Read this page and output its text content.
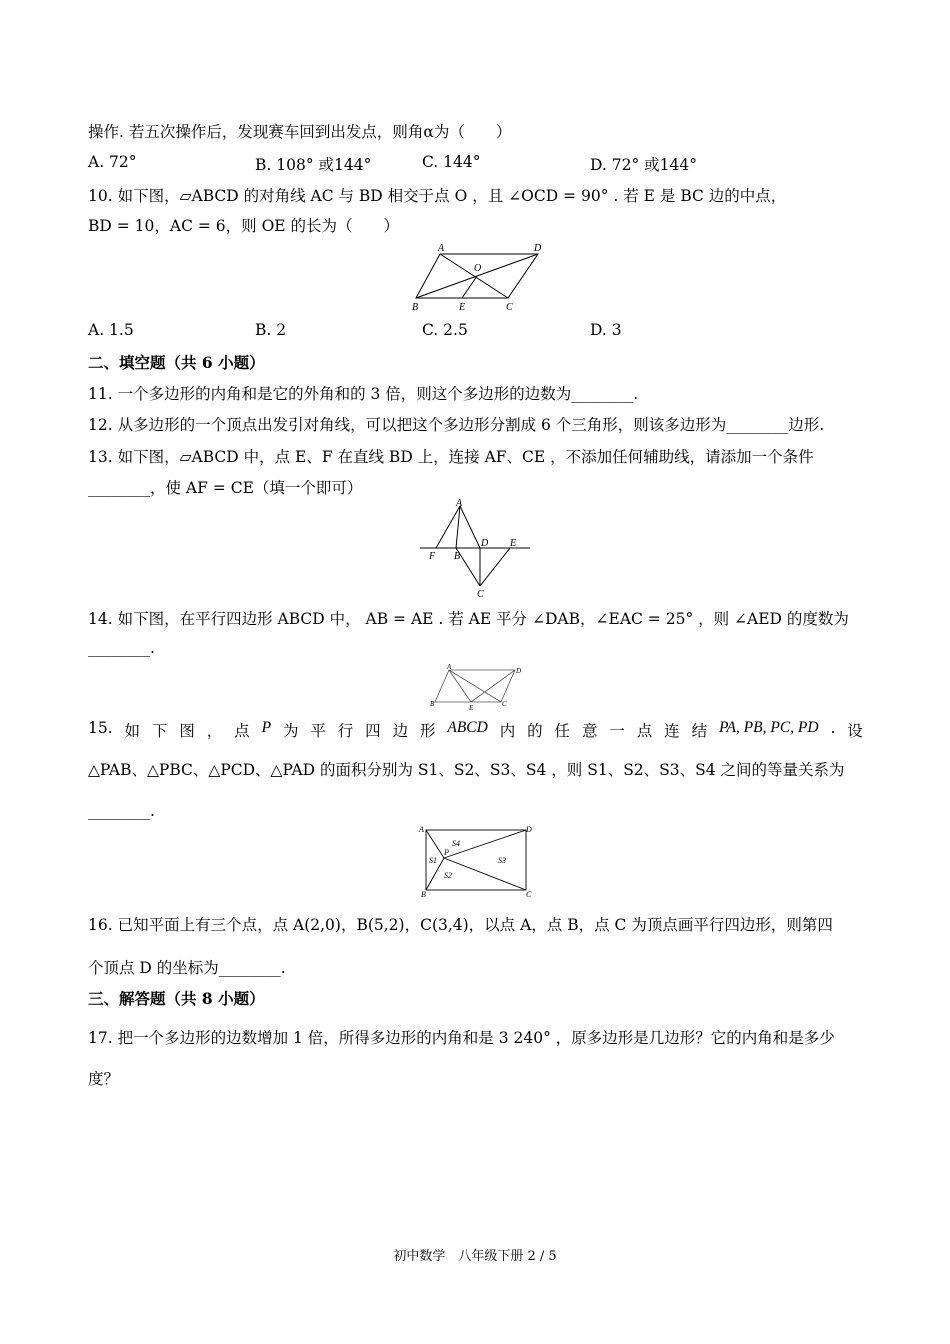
操作. 若五次操作后，发现赛车回到出发点，则角α为（　　）
A. 72°	B. 108° 或144°	C. 144°	D. 72° 或144°
10. 如下图，▱ABCD 的对角线 AC 与 BD 相交于点 O ，且 ∠OCD = 90° . 若 E 是 BC 边的中点，
BD = 10，AC = 6，则 OE 的长为（　　）
A	D
O
B	E	C
A. 1.5	B. 2	C. 2.5	D. 3
二、填空题（共 6 小题）
11. 一个多边形的内角和是它的外角和的 3 倍，则这个多边形的边数为________.
12. 从多边形的一个顶点出发引对角线，可以把这个多边形分割成 6 个三角形，则该多边形为________边形.
13. 如下图，▱ABCD 中，点 E、F 在直线 BD 上，连接 AF、CE ，不添加任何辅助线，请添加一个条件
________，使 AF = CE（填一个即可）
A
F B
D E
C
14. 如下图，在平行四边形 ABCD 中， AB = AE . 若 AE 平分 ∠DAB，∠EAC = 25° ，则 ∠AED 的度数为
________.
A	D
B	E	C
15. 如 下 图 ， 点 P 为 平 行 四 边 形 ABCD 内 的 任 意 一 点 连 结 PA, PB, PC, PD . 设
△PAB、△PBC、△PCD、△PAD 的面积分别为 S1、S2、S3、S4 ，则 S1、S2、S3、S4 之间的等量关系为
________.
A	D
S4
P
S1	S3
S2
B	C
16. 已知平面上有三个点，点 A(2,0)，B(5,2)，C(3,4)，以点 A，点 B，点 C 为顶点画平行四边形，则第四
个顶点 D 的坐标为________.
三、解答题（共 8 小题）
17. 把一个多边形的边数增加 1 倍，所得多边形的内角和是 3 240° ，原多边形是几边形？它的内角和是多少
度？
初中数学　八年级下册 2 / 5
